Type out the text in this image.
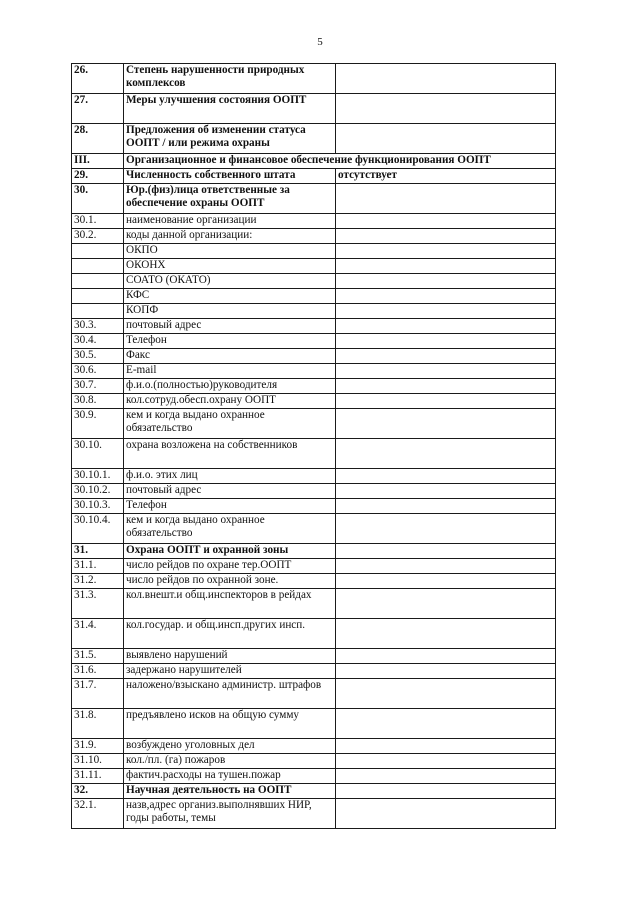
5
26.	Степень нарушенности природных комплексов	
27.	Меры улучшения состояния ООПТ	
28.	Предложения об изменении статуса ООПТ / или режима охраны	
III.	Организационное и финансовое обеспечение функционирования ООПТ	
29.	Численность собственного штата	отсутствует
30.	Юр.(физ)лица ответственные за обеспечение охраны ООПТ	
30.1.	наименование организации	
30.2.	коды данной организации:	
	ОКПО	
	ОКОНХ	
	СОАТО (ОКАТО)	
	КФС	
	КОПФ	
30.3.	почтовый адрес	
30.4.	Телефон	
30.5.	Факс	
30.6.	E-mail	
30.7.	ф.и.о.(полностью)руководителя	
30.8.	кол.сотруд.обесп.охрану ООПТ	
30.9.	кем и когда выдано охранное обязательство	
30.10.	охрана возложена на собственников	
30.10.1.	ф.и.о. этих лиц	
30.10.2.	почтовый адрес	
30.10.3.	Телефон	
30.10.4.	кем и когда выдано охранное обязательство	
31.	Охрана ООПТ и охранной зоны	
31.1.	число рейдов по охране тер.ООПТ	
31.2.	число рейдов по охранной зоне.	
31.3.	кол.внешт.и общ.инспекторов в рейдах	
31.4.	кол.государ. и общ.инсп.других инсп.	
31.5.	выявлено нарушений	
31.6.	задержано нарушителей	
31.7.	наложено/взыскано администр. штрафов	
31.8.	предъявлено исков на общую сумму	
31.9.	возбуждено уголовных дел	
31.10.	кол./пл. (га) пожаров	
31.11.	фактич.расходы на тушен.пожар	
32.	Научная деятельность на ООПТ	
32.1.	назв,адрес организ.выполнявших НИР, годы работы, темы	
